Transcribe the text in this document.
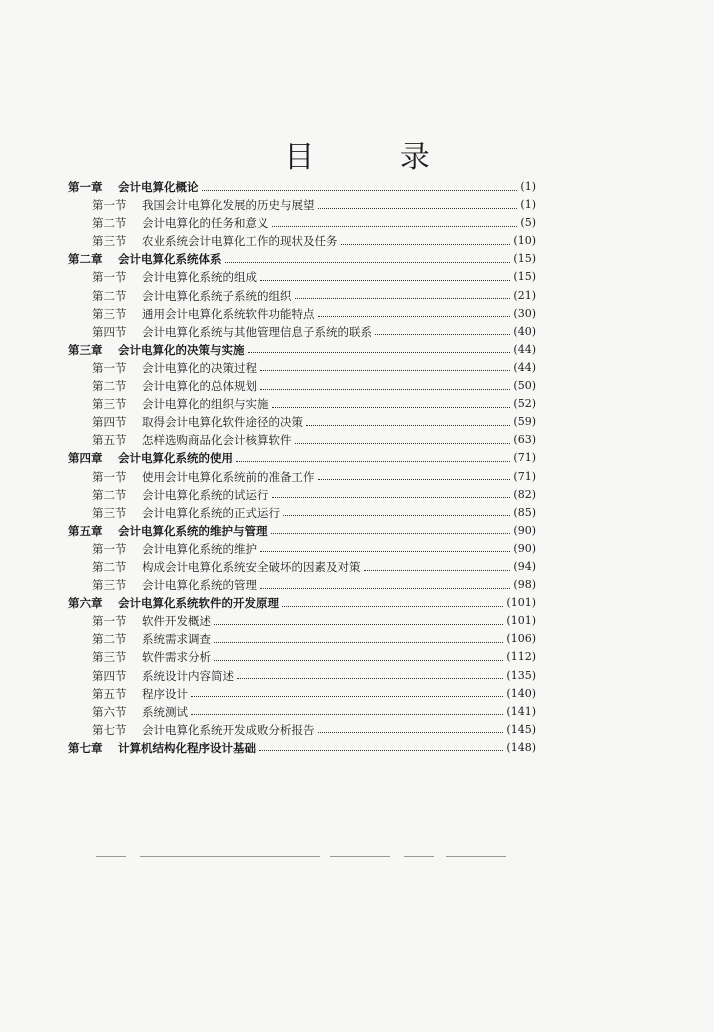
目 录
第一章	会计电算化概论	(1)
第一节	我国会计电算化发展的历史与展望	(1)
第二节	会计电算化的任务和意义	(5)
第三节	农业系统会计电算化工作的现状及任务	(10)
第二章	会计电算化系统体系	(15)
第一节	会计电算化系统的组成	(15)
第二节	会计电算化系统子系统的组织	(21)
第三节	通用会计电算化系统软件功能特点	(30)
第四节	会计电算化系统与其他管理信息子系统的联系	(40)
第三章	会计电算化的决策与实施	(44)
第一节	会计电算化的决策过程	(44)
第二节	会计电算化的总体规划	(50)
第三节	会计电算化的组织与实施	(52)
第四节	取得会计电算化软件途径的决策	(59)
第五节	怎样选购商品化会计核算软件	(63)
第四章	会计电算化系统的使用	(71)
第一节	使用会计电算化系统前的准备工作	(71)
第二节	会计电算化系统的试运行	(82)
第三节	会计电算化系统的正式运行	(85)
第五章	会计电算化系统的维护与管理	(90)
第一节	会计电算化系统的维护	(90)
第二节	构成会计电算化系统安全破坏的因素及对策	(94)
第三节	会计电算化系统的管理	(98)
第六章	会计电算化系统软件的开发原理	(101)
第一节	软件开发概述	(101)
第二节	系统需求调查	(106)
第三节	软件需求分析	(112)
第四节	系统设计内容简述	(135)
第五节	程序设计	(140)
第六节	系统测试	(141)
第七节	会计电算化系统开发成败分析报告	(145)
第七章	计算机结构化程序设计基础	(148)
